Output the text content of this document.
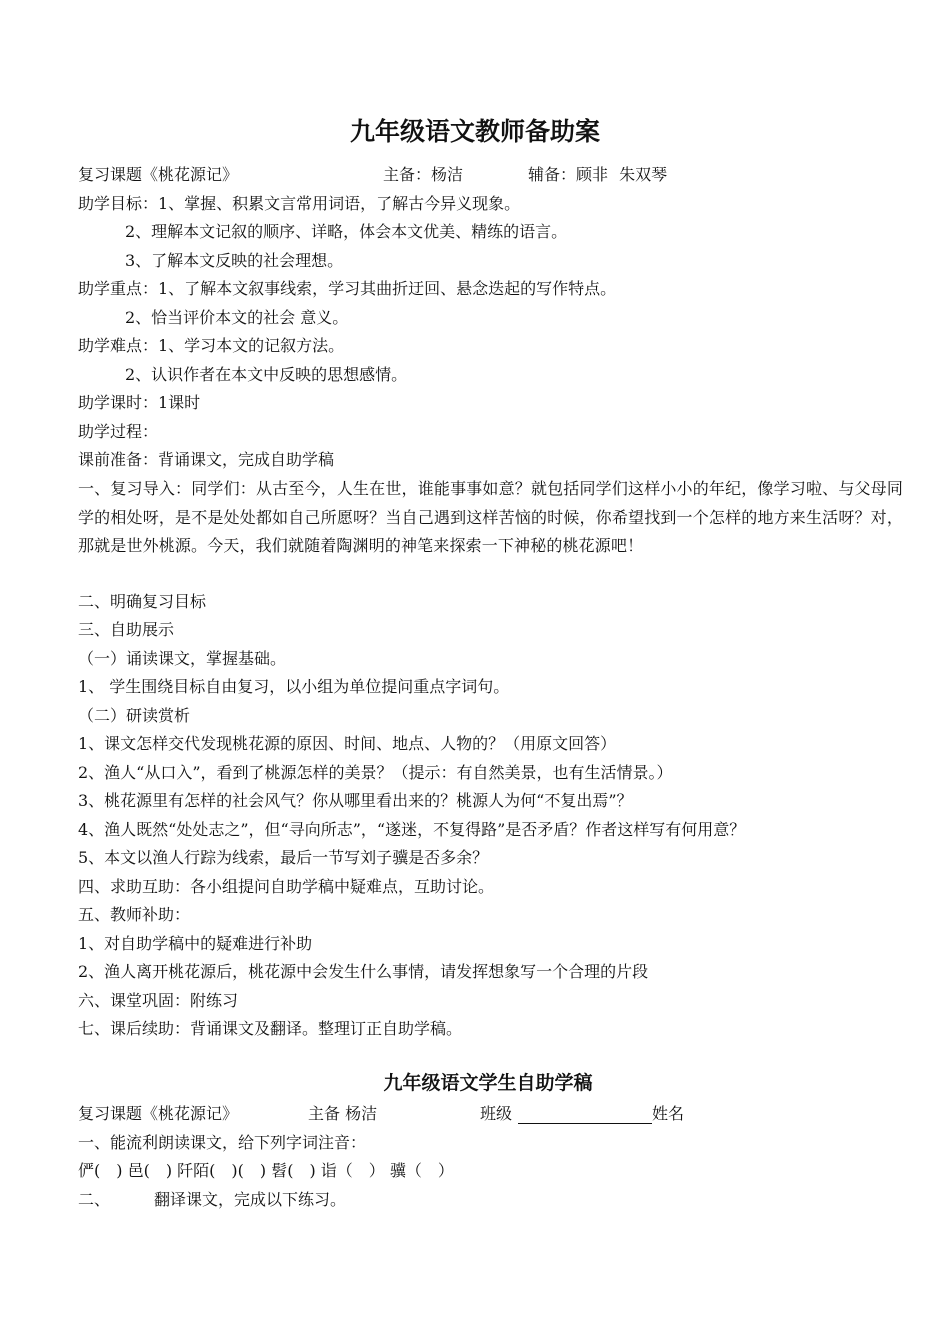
九年级语文教师备助案
复习课题《桃花源记》	主备：杨洁	辅备：顾非 朱双琴
助学目标：1、掌握、积累文言常用词语，了解古今异义现象。
2、理解本文记叙的顺序、详略，体会本文优美、精练的语言。
3、了解本文反映的社会理想。
助学重点：1、了解本文叙事线索，学习其曲折迂回、悬念迭起的写作特点。
2、恰当评价本文的社会 意义。
助学难点：1、学习本文的记叙方法。
2、认识作者在本文中反映的思想感情。
助学课时：1课时
助学过程：
课前准备：背诵课文，完成自助学稿
一、复习导入：同学们：从古至今，人生在世，谁能事事如意？就包括同学们这样小小的年纪，像学习啦、与父母同学的相处呀，是不是处处都如自己所愿呀？当自己遇到这样苦恼的时候，你希望找到一个怎样的地方来生活呀？对，那就是世外桃源。今天，我们就随着陶渊明的神笔来探索一下神秘的桃花源吧！
二、明确复习目标
三、自助展示
（一）诵读课文，掌握基础。
1、 学生围绕目标自由复习，以小组为单位提问重点字词句。
（二）研读赏析
1、课文怎样交代发现桃花源的原因、时间、地点、人物的？（用原文回答）
2、渔人“从口入”，看到了桃源怎样的美景？（提示：有自然美景，也有生活情景。）
3、桃花源里有怎样的社会风气？你从哪里看出来的？桃源人为何“不复出焉”？
4、渔人既然“处处志之”，但“寻向所志”，“遂迷，不复得路”是否矛盾？作者这样写有何用意？
5、本文以渔人行踪为线索，最后一节写刘子骥是否多余？
四、求助互助：各小组提问自助学稿中疑难点，互助讨论。
五、教师补助：
1、对自助学稿中的疑难进行补助
2、渔人离开桃花源后，桃花源中会发生什么事情，请发挥想象写一个合理的片段
六、课堂巩固：附练习
七、课后续助：背诵课文及翻译。整理订正自助学稿。
九年级语文学生自助学稿
复习课题《桃花源记》	主备 杨洁	班级	姓名
一、能流利朗读课文，给下列字词注音：
俨(　) 邑(　) 阡陌(　)(　) 髫(　) 诣（　） 骥（　）
二、	翻译课文，完成以下练习。
